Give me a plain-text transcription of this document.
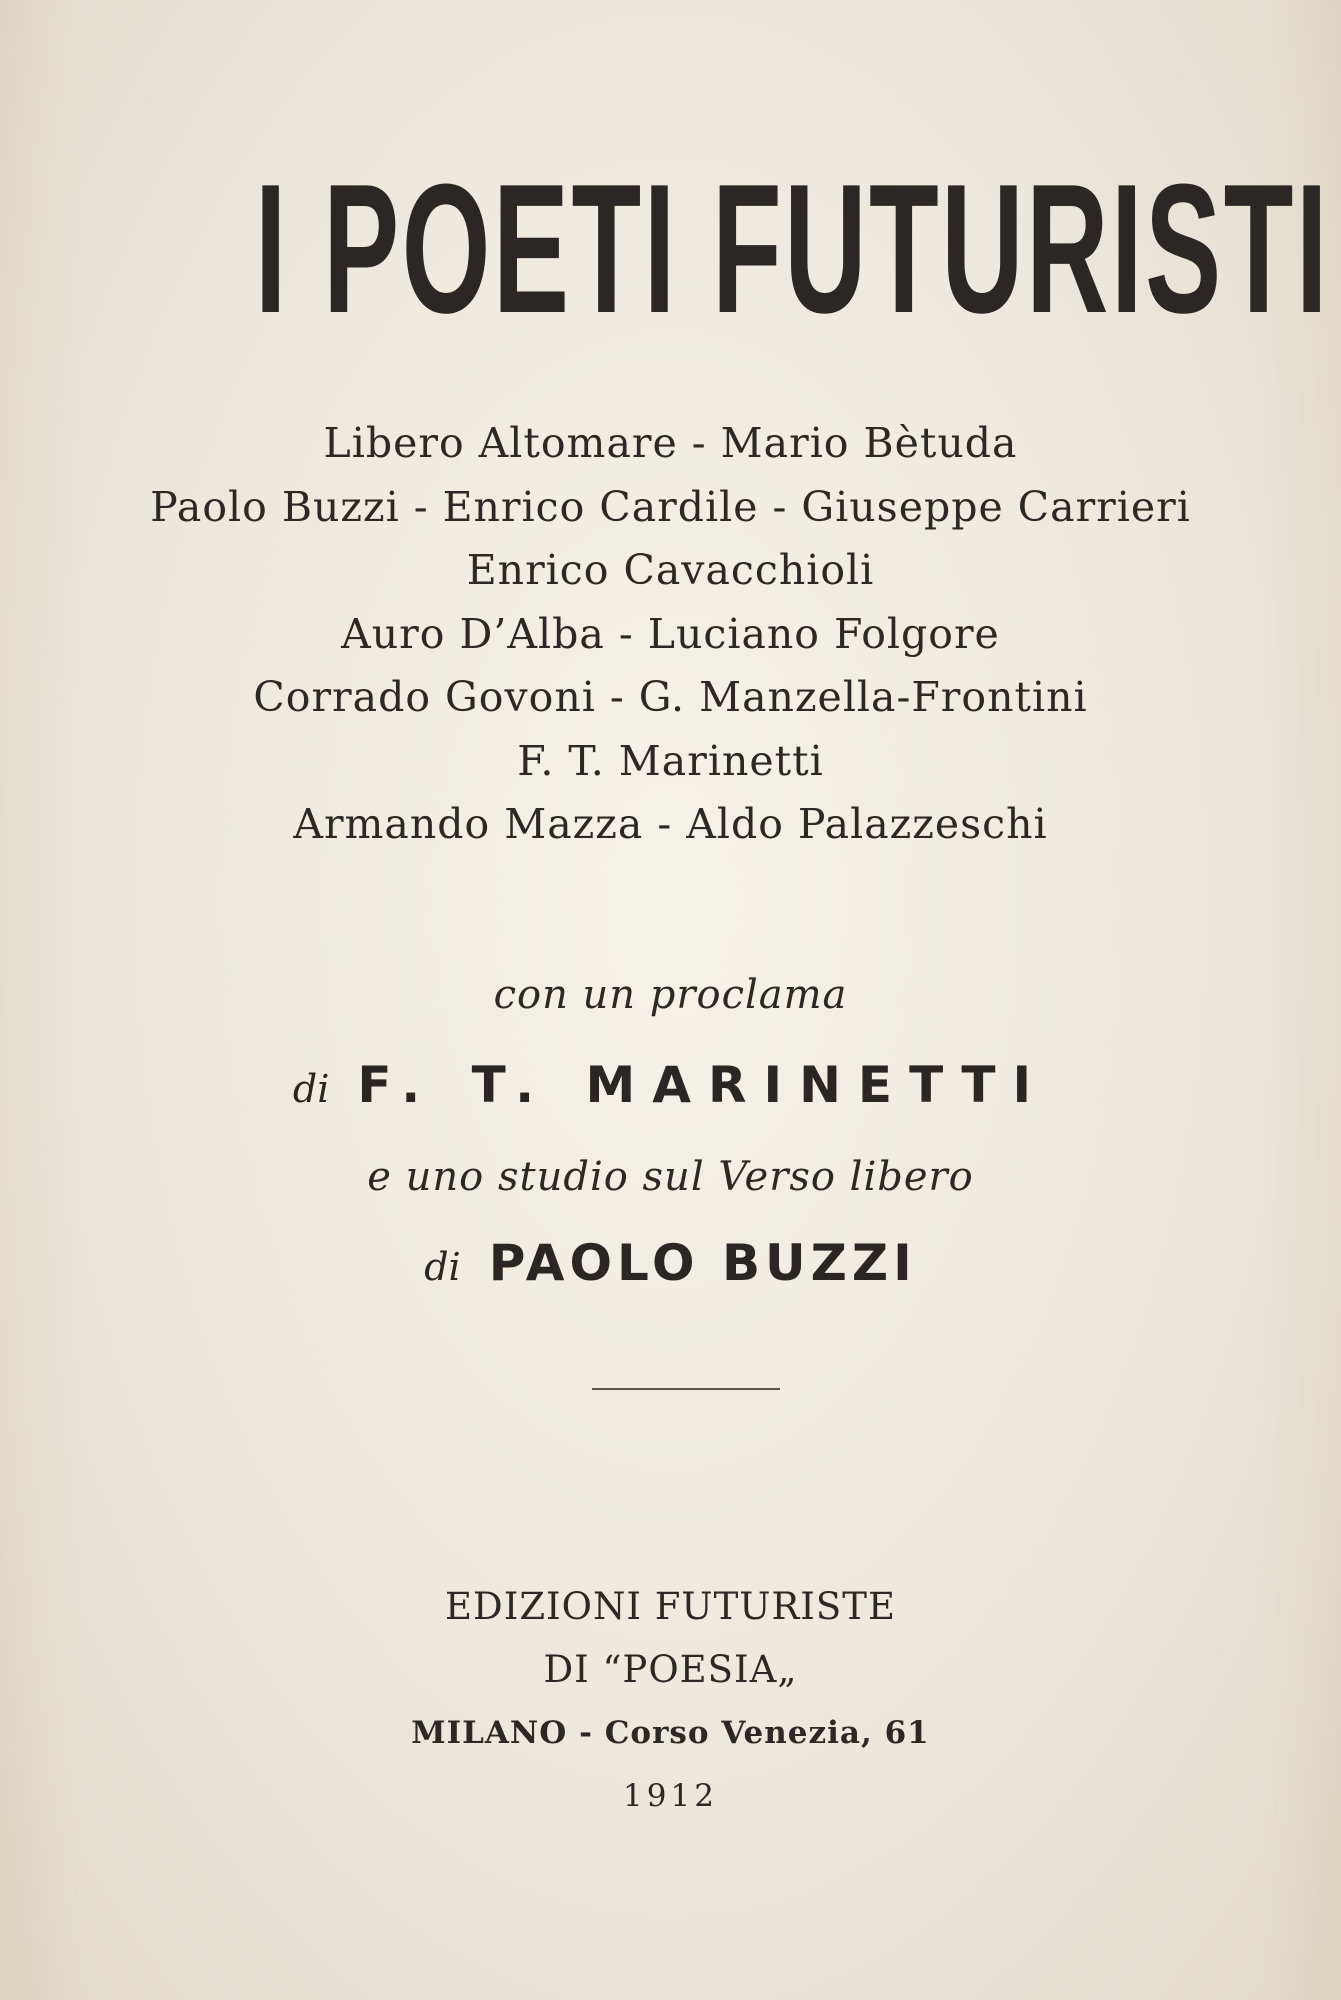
I POETI FUTURISTI
Libero Altomare - Mario Bètuda
Paolo Buzzi - Enrico Cardile - Giuseppe Carrieri
Enrico Cavacchioli
Auro D’Alba - Luciano Folgore
Corrado Govoni - G. Manzella-Frontini
F. T. Marinetti
Armando Mazza - Aldo Palazzeschi
con un proclama
di F. T. MARINETTI
e uno studio sul Verso libero
di PAOLO BUZZI
EDIZIONI FUTURISTE
DI “POESIA„
MILANO - Corso Venezia, 61
1912
